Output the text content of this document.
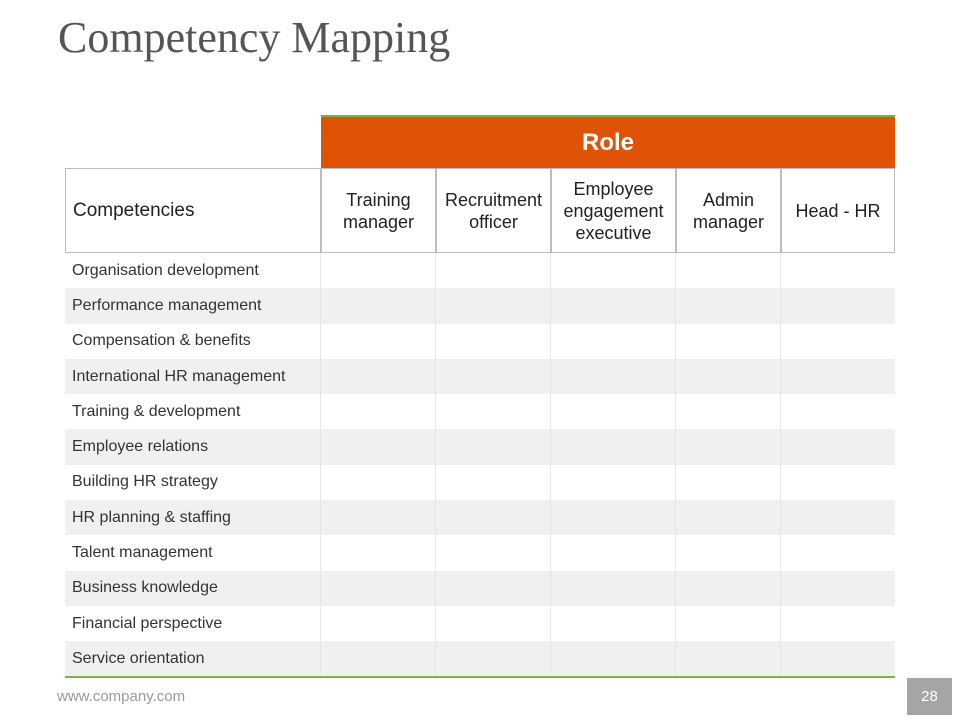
Competency Mapping
Role
Competencies	Training
manager
Recruitment
officer
Employee
engagement
executive
Admin
manager
Head - HR
Organisation development
Performance management
Compensation & benefits
International HR management
Training & development
Employee relations
Building HR strategy
HR planning & staffing
Talent management
Business knowledge
Financial perspective
Service orientation
www.company.com	28
